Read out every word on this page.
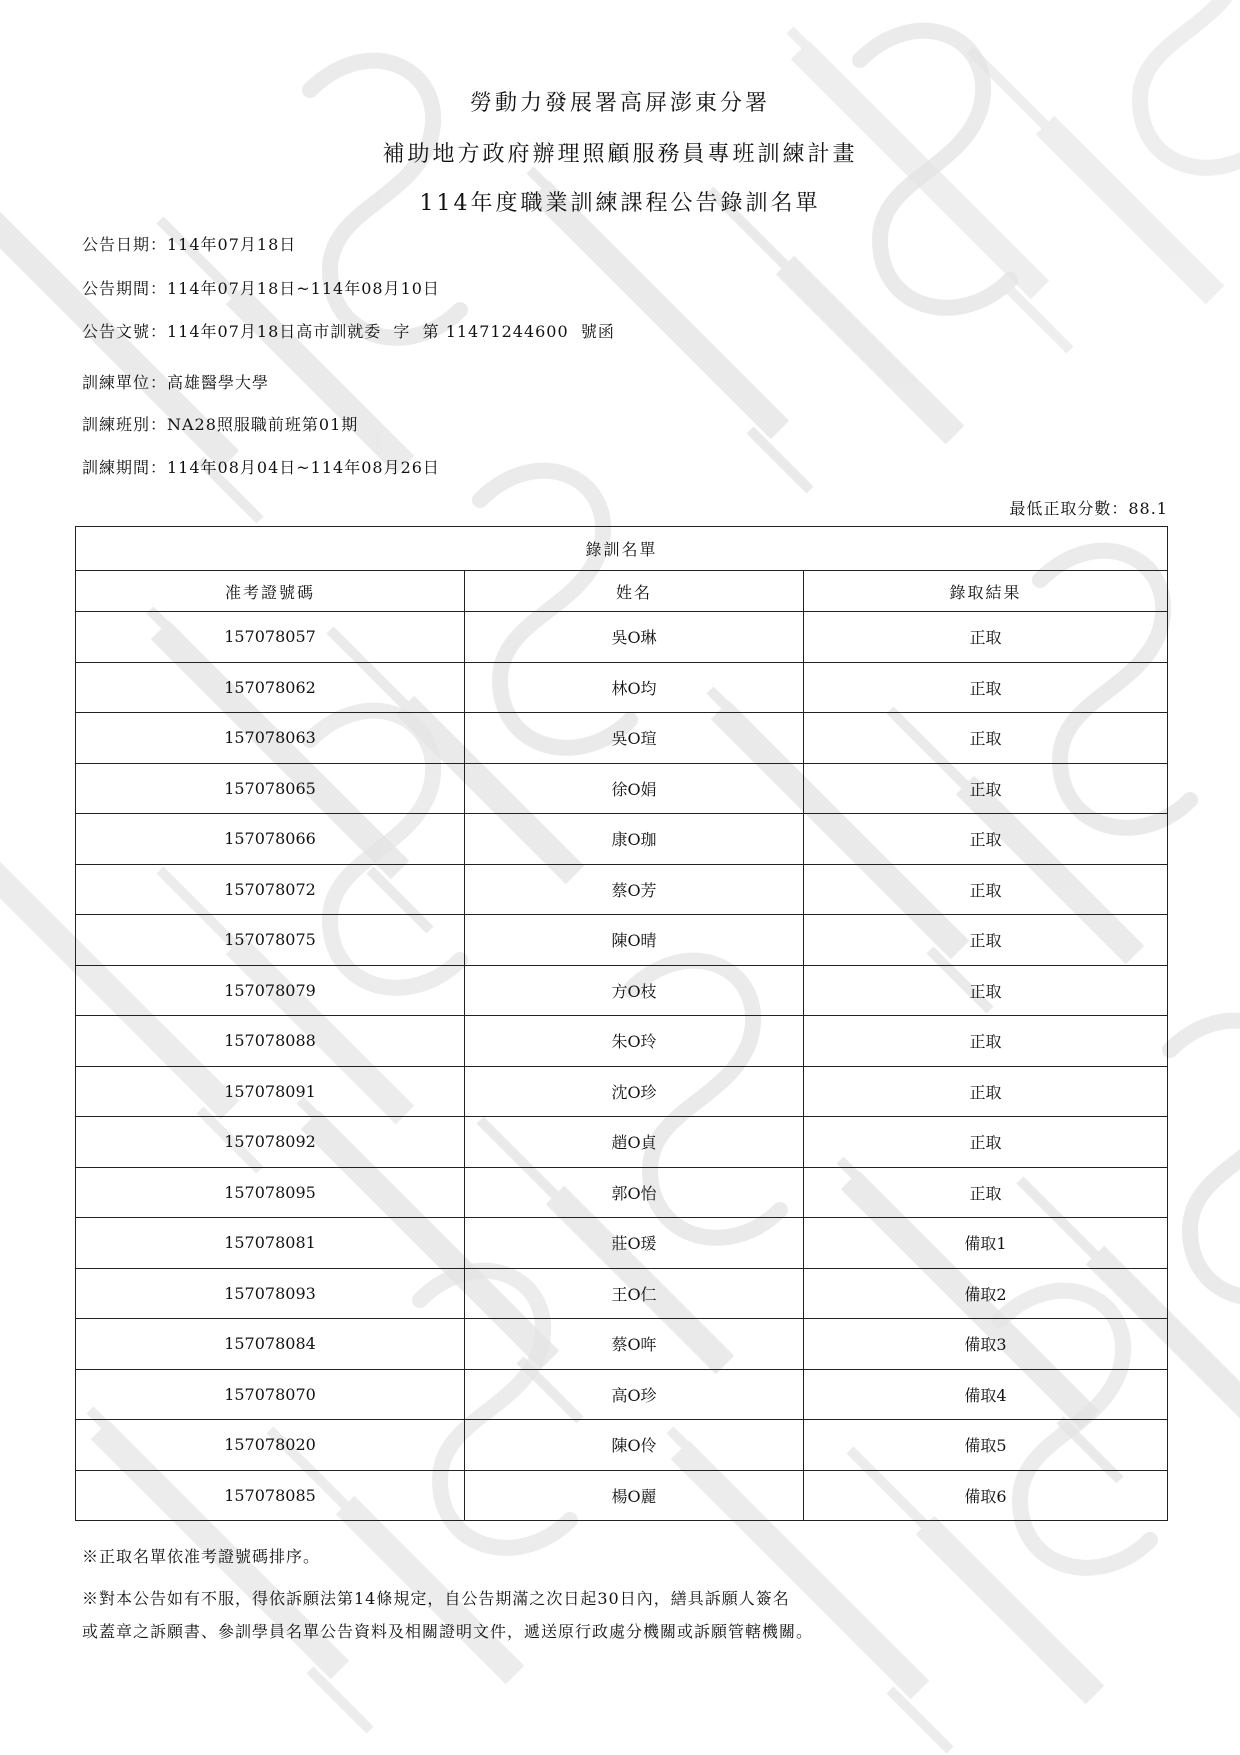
勞動力發展署高屏澎東分署
補助地方政府辦理照顧服務員專班訓練計畫
114年度職業訓練課程公告錄訓名單
公告日期：114年07月18日
公告期間：114年07月18日~114年08月10日
公告文號：114年07月18日高市訓就委  字  第 11471244600  號函
訓練單位：高雄醫學大學
訓練班別：NA28照服職前班第01期
訓練期間：114年08月04日~114年08月26日
最低正取分數：88.1
錄訓名單		
准考證號碼	姓名	錄取結果
157078057	吳O琳	正取
157078062	林O均	正取
157078063	吳O瑄	正取
157078065	徐O娟	正取
157078066	康O珈	正取
157078072	蔡O芳	正取
157078075	陳O晴	正取
157078079	方O枝	正取
157078088	朱O玲	正取
157078091	沈O珍	正取
157078092	趙O貞	正取
157078095	郭O怡	正取
157078081	莊O瑗	備取1
157078093	王O仁	備取2
157078084	蔡O哖	備取3
157078070	高O珍	備取4
157078020	陳O伶	備取5
157078085	楊O麗	備取6
※正取名單依准考證號碼排序。
※對本公告如有不服，得依訴願法第14條規定，自公告期滿之次日起30日內，繕具訴願人簽名
或蓋章之訴願書、參訓學員名單公告資料及相關證明文件，遞送原行政處分機關或訴願管轄機關。
